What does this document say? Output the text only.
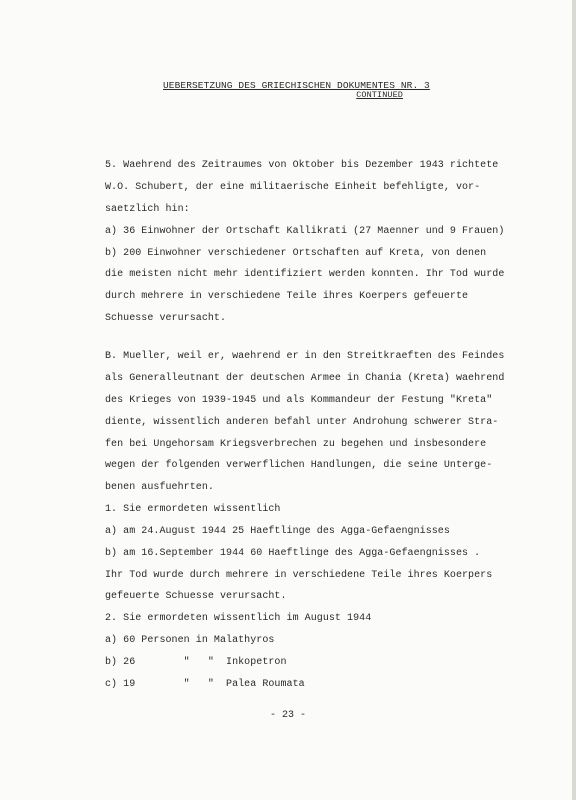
UEBERSETZUNG DES GRIECHISCHEN DOKUMENTES NR. 3
CONTINUED
5. Waehrend des Zeitraumes von Oktober bis Dezember 1943 richtete
W.O. Schubert, der eine militaerische Einheit befehligte, vor-
saetzlich hin:
a) 36 Einwohner der Ortschaft Kallikrati (27 Maenner und 9 Frauen)
b) 200 Einwohner verschiedener Ortschaften auf Kreta, von denen
die meisten nicht mehr identifiziert werden konnten. Ihr Tod wurde
durch mehrere in verschiedene Teile ihres Koerpers gefeuerte
Schuesse verursacht.
B. Mueller, weil er, waehrend er in den Streitkraeften des Feindes
als Generalleutnant der deutschen Armee in Chania (Kreta) waehrend
des Krieges von 1939-1945 und als Kommandeur der Festung "Kreta"
diente, wissentlich anderen befahl unter Androhung schwerer Stra-
fen bei Ungehorsam Kriegsverbrechen zu begehen und insbesondere
wegen der folgenden verwerflichen Handlungen, die seine Unterge-
benen ausfuehrten.
1. Sie ermordeten wissentlich
a) am 24.August 1944 25 Haeftlinge des Agga-Gefaengnisses
b) am 16.September 1944 60 Haeftlinge des Agga-Gefaengnisses .
Ihr Tod wurde durch mehrere in verschiedene Teile ihres Koerpers
gefeuerte Schuesse verursacht.
2. Sie ermordeten wissentlich im August 1944
a) 60 Personen in Malathyros
b) 26        "   "  Inkopetron
c) 19        "   "  Palea Roumata
- 23 -
